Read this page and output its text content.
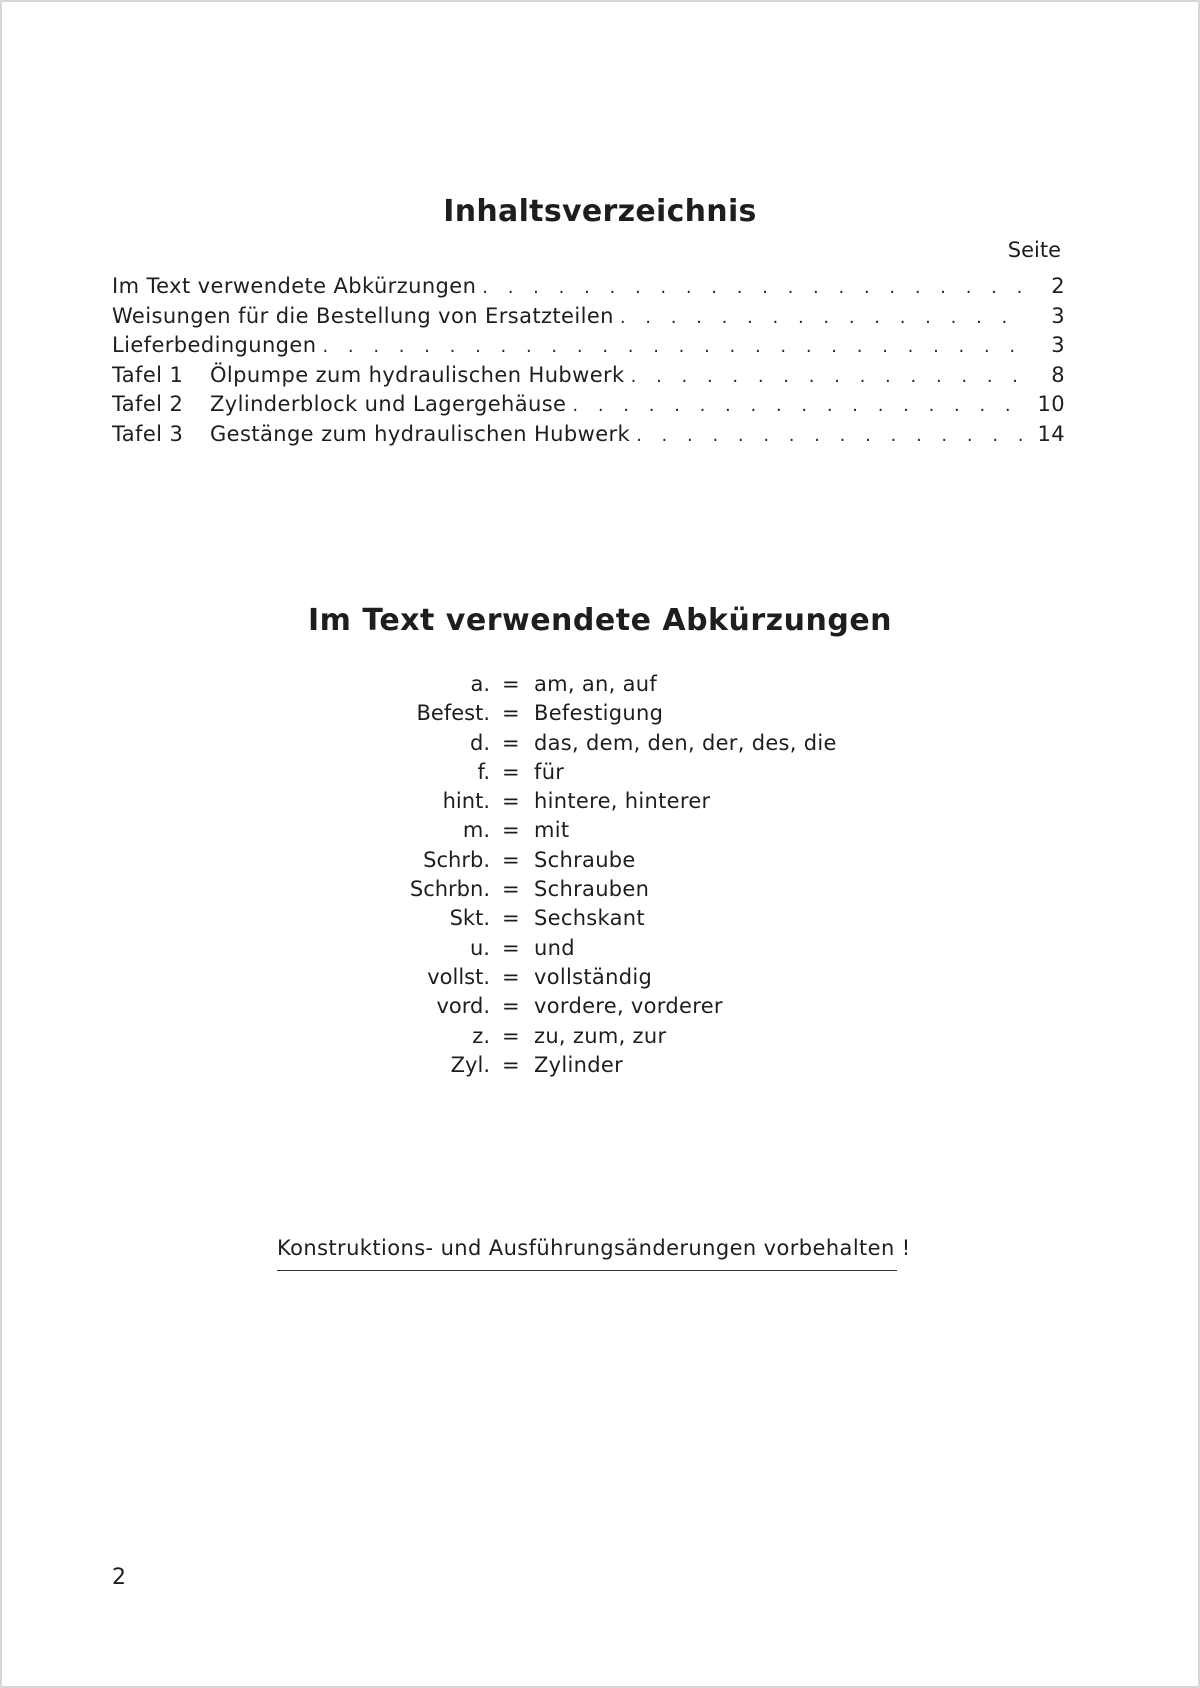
Inhaltsverzeichnis
Seite
Im Text verwendete Abkürzungen . . .	2
Weisungen für die Bestellung von Ersatzteilen . . .	3
Lieferbedingungen . . .	3
Tafel 1 Ölpumpe zum hydraulischen Hubwerk . . .	8
Tafel 2 Zylinderblock und Lagergehäuse . . .	10
Tafel 3 Gestänge zum hydraulischen Hubwerk . . .	14
Im Text verwendete Abkürzungen
a. = am, an, auf
Befest. = Befestigung
d. = das, dem, den, der, des, die
f. = für
hint. = hintere, hinterer
m. = mit
Schrb. = Schraube
Schrbn. = Schrauben
Skt. = Sechskant
u. = und
vollst. = vollständig
vord. = vordere, vorderer
z. = zu, zum, zur
Zyl. = Zylinder
Konstruktions- und Ausführungsänderungen vorbehalten !
2
